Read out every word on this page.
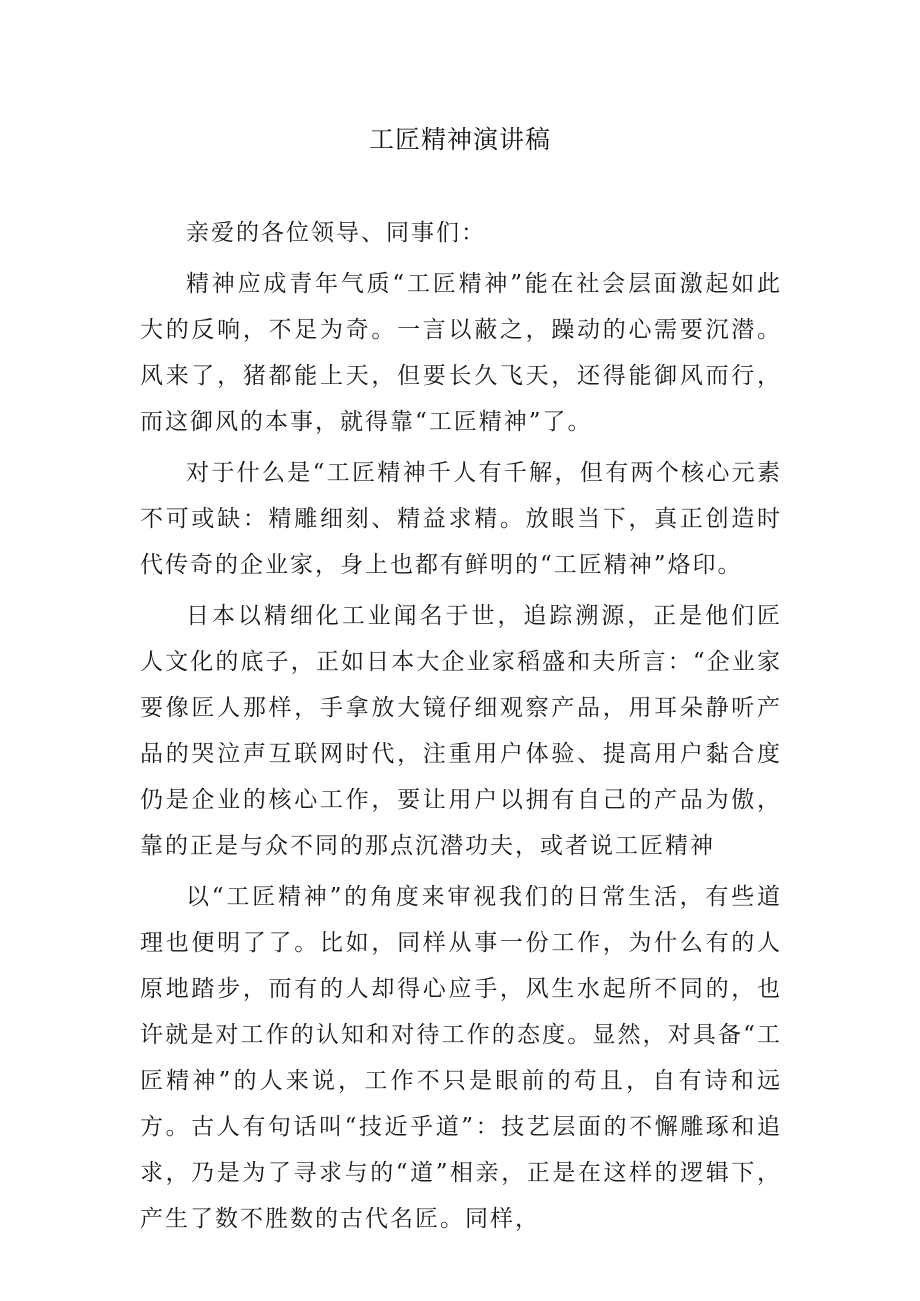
工匠精神演讲稿

亲爱的各位领导、同事们：

精神应成青年气质“工匠精神”能在社会层面激起如此大的反响，不足为奇。一言以蔽之，躁动的心需要沉潜。风来了，猪都能上天，但要长久飞天，还得能御风而行，而这御风的本事，就得靠“工匠精神”了。

对于什么是“工匠精神千人有千解，但有两个核心元素不可或缺：精雕细刻、精益求精。放眼当下，真正创造时代传奇的企业家，身上也都有鲜明的“工匠精神”烙印。

日本以精细化工业闻名于世，追踪溯源，正是他们匠人文化的底子，正如日本大企业家稻盛和夫所言：“企业家要像匠人那样，手拿放大镜仔细观察产品，用耳朵静听产品的哭泣声互联网时代，注重用户体验、提高用户黏合度仍是企业的核心工作，要让用户以拥有自己的产品为傲，靠的正是与众不同的那点沉潜功夫，或者说工匠精神

以“工匠精神”的角度来审视我们的日常生活，有些道理也便明了了。比如，同样从事一份工作，为什么有的人原地踏步，而有的人却得心应手，风生水起所不同的，也许就是对工作的认知和对待工作的态度。显然，对具备“工匠精神”的人来说，工作不只是眼前的苟且，自有诗和远方。古人有句话叫“技近乎道”：技艺层面的不懈雕琢和追求，乃是为了寻求与的“道”相亲，正是在这样的逻辑下，产生了数不胜数的古代名匠。同样，
